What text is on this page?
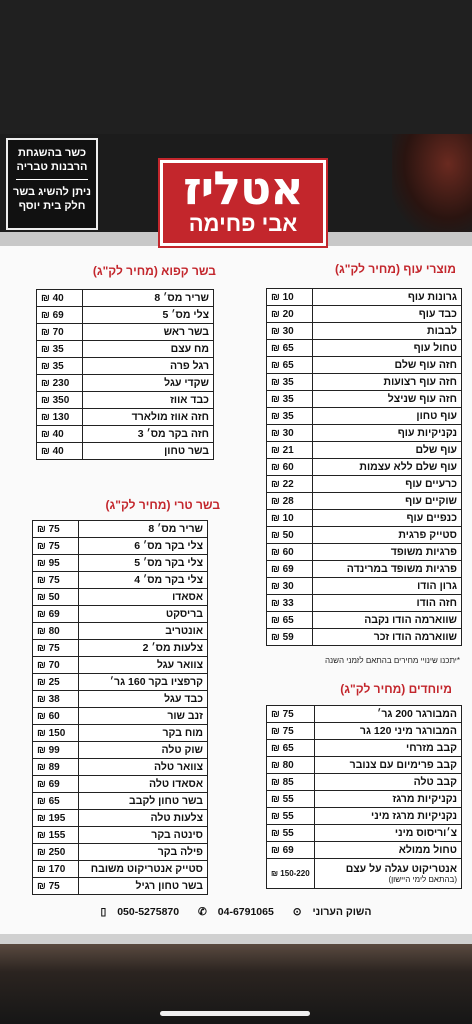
כשר בהשגחת
הרבנות טבריה
ניתן להשיג בשר
חלק בית יוסף	אטליז
אבי פחימה
מוצרי עוף (מחיר לק"ג)
גרונות עוף	10 ₪
כבד עוף	20 ₪
לבבות	30 ₪
טחול עוף	65 ₪
חזה עוף שלם	65 ₪
חזה עוף רצועות	35 ₪
חזה עוף שניצל	35 ₪
עוף טחון	35 ₪
נקניקיות עוף	30 ₪
עוף שלם	21 ₪
עוף שלם ללא עצמות	60 ₪
כרעיים עוף	22 ₪
שוקיים עוף	28 ₪
כנפיים עוף	10 ₪
סטייק פרגית	50 ₪
פרגיות משופד	60 ₪
פרגיות משופד במרינדה	69 ₪
גרון הודו	30 ₪
חזה הודו	33 ₪
שווארמה הודו נקבה	65 ₪
שווארמה הודו זכר	59 ₪
*יתכנו שינויי מחירים בהתאם לזמני השנה
מיוחדים (מחיר לק"ג)
המבורגר 200 גר׳	75 ₪
המבורגר מיני 120 גר	75 ₪
קבב מזרחי	65 ₪
קבב פרימיום עם צנובר	80 ₪
קבב טלה	85 ₪
נקניקיות מרגז	55 ₪
נקניקיות מרגז מיני	55 ₪
צ׳וריסוס מיני	55 ₪
טחול ממולא	69 ₪

אנטריקוט עגלה על עצם
(בהתאם לימי היישון)	150-220 ₪
בשר קפוא (מחיר לק"ג)
שריר מס׳ 8	40 ₪
צלי מס׳ 5	69 ₪
בשר ראש	70 ₪
מח עצם	35 ₪
רגל פרה	35 ₪
שקדי עגל	230 ₪
כבד אווז	350 ₪
חזה אווז מולארד	130 ₪
חזה בקר מס׳ 3	40 ₪
בשר טחון	40 ₪
בשר טרי (מחיר לק"ג)
שריר מס׳ 8	75 ₪
צלי בקר מס׳ 6	75 ₪
צלי בקר מס׳ 5	95 ₪
צלי בקר מס׳ 4	75 ₪
אסאדו	50 ₪
בריסקט	69 ₪
אונטריב	80 ₪
צלעות מס׳ 2	75 ₪
צוואר עגל	70 ₪
קרפציו בקר 160 גר׳	25 ₪
כבד עגל	38 ₪
זנב שור	60 ₪
מוח בקר	150 ₪
שוק טלה	99 ₪
צוואר טלה	89 ₪
אסאדו טלה	69 ₪
בשר טחון לקבב	65 ₪
צלעות טלה	195 ₪
סינטה בקר	155 ₪
פילה בקר	250 ₪
סטייק אנטריקוט משובח	170 ₪
בשר טחון רגיל	75 ₪
השוק הערוני ⊙ 04-6791065 ✆ 050-5275870 ▯
